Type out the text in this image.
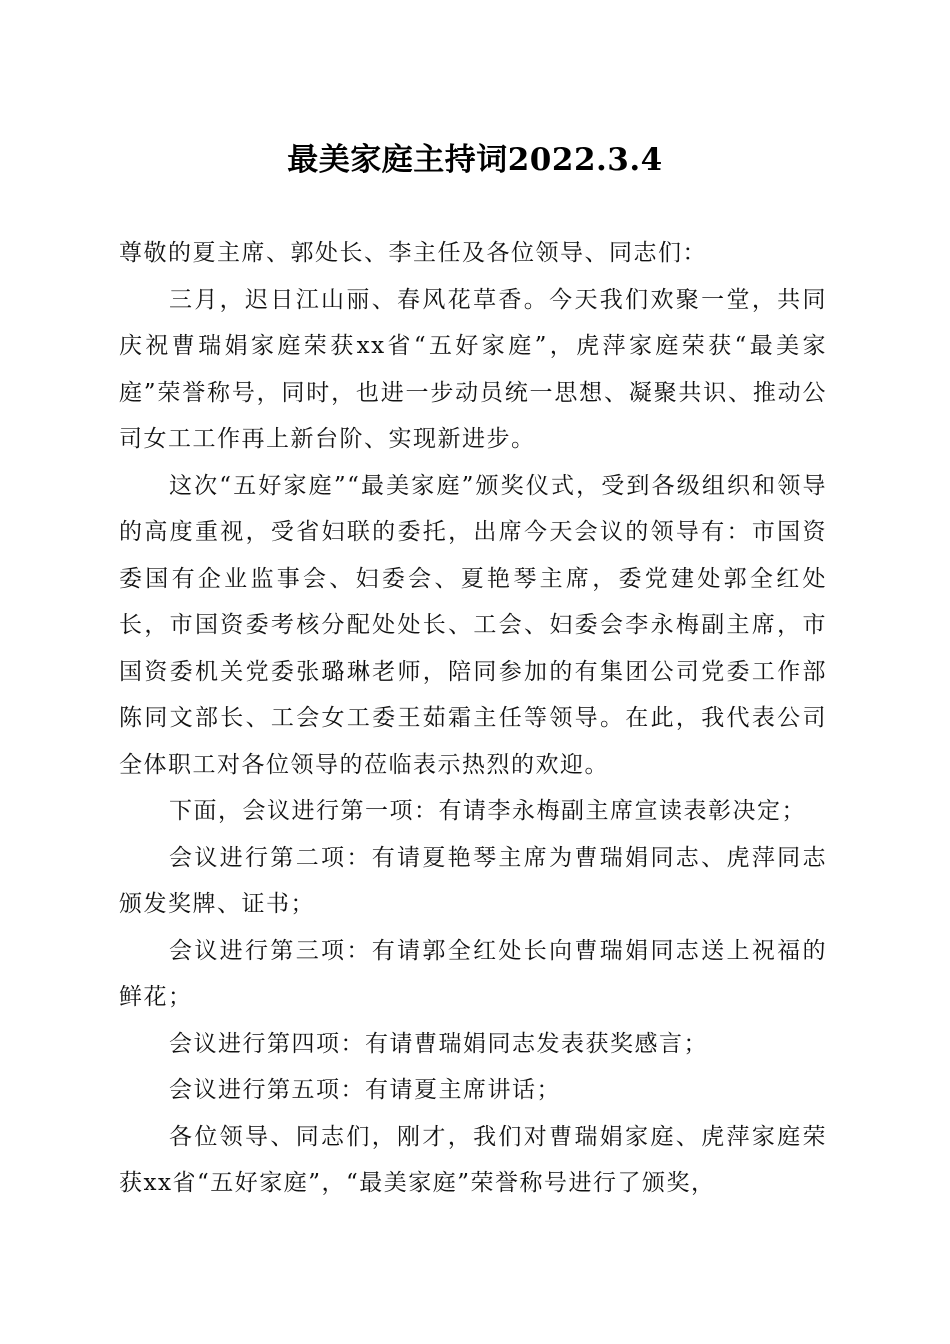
最美家庭主持词2022.3.4

尊敬的夏主席、郭处长、李主任及各位领导、同志们：

三月，迟日江山丽、春风花草香。今天我们欢聚一堂，共同庆祝曹瑞娟家庭荣获xx省“五好家庭”，虎萍家庭荣获“最美家庭”荣誉称号，同时，也进一步动员统一思想、凝聚共识、推动公司女工工作再上新台阶、实现新进步。

这次“五好家庭”“最美家庭”颁奖仪式，受到各级组织和领导的高度重视，受省妇联的委托，出席今天会议的领导有：市国资委国有企业监事会、妇委会、夏艳琴主席，委党建处郭全红处长，市国资委考核分配处处长、工会、妇委会李永梅副主席，市国资委机关党委张璐琳老师，陪同参加的有集团公司党委工作部陈同文部长、工会女工委王茹霜主任等领导。在此，我代表公司全体职工对各位领导的莅临表示热烈的欢迎。

下面，会议进行第一项：有请李永梅副主席宣读表彰决定；

会议进行第二项：有请夏艳琴主席为曹瑞娟同志、虎萍同志颁发奖牌、证书；

会议进行第三项：有请郭全红处长向曹瑞娟同志送上祝福的鲜花；

会议进行第四项：有请曹瑞娟同志发表获奖感言；

会议进行第五项：有请夏主席讲话；

各位领导、同志们，刚才，我们对曹瑞娟家庭、虎萍家庭荣获xx省“五好家庭”，“最美家庭”荣誉称号进行了颁奖，
